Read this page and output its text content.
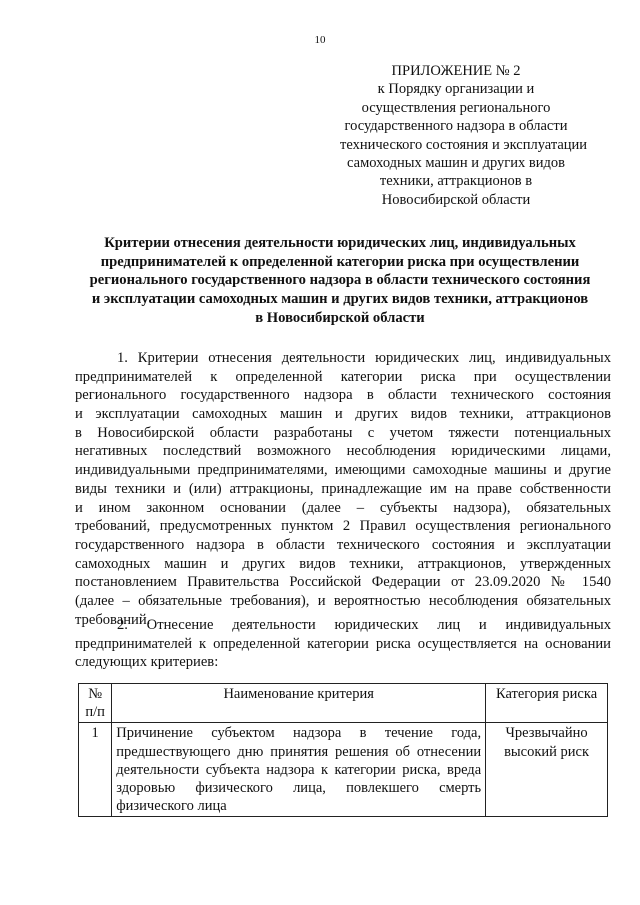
10
ПРИЛОЖЕНИЕ № 2
к Порядку организации и
осуществления регионального
государственного надзора в области
технического состояния и эксплуатации
самоходных машин и других видов
техники, аттракционов в
Новосибирской области
Критерии отнесения деятельности юридических лиц, индивидуальных
предпринимателей к определенной категории риска при осуществлении
регионального государственного надзора в области технического состояния
и эксплуатации самоходных машин и других видов техники, аттракционов
в Новосибирской области
1. Критерии отнесения деятельности юридических лиц, индивидуальных
предпринимателей к определенной категории риска при осуществлении
регионального государственного надзора в области технического состояния
и эксплуатации самоходных машин и других видов техники, аттракционов
в Новосибирской области разработаны с учетом тяжести потенциальных
негативных последствий возможного несоблюдения юридическими лицами,
индивидуальными предпринимателями, имеющими самоходные машины и другие
виды техники и (или) аттракционы, принадлежащие им на праве собственности
и ином законном основании (далее – субъекты надзора), обязательных
требований, предусмотренных пунктом 2 Правил осуществления регионального
государственного надзора в области технического состояния и эксплуатации
самоходных машин и других видов техники, аттракционов, утвержденных
постановлением Правительства Российской Федерации от 23.09.2020 № 1540
(далее – обязательные требования), и вероятностью несоблюдения обязательных
требований.
2. Отнесение деятельности юридических лиц и индивидуальных
предпринимателей к определенной категории риска осуществляется на основании
следующих критериев:
№ п/п	Наименование критерия	Категория риска
1	Причинение субъектом надзора в течение года,
предшествующего дню принятия решения об отнесении
деятельности субъекта надзора к категории риска, вреда
здоровью физического лица, повлекшего смерть
физического лица	Чрезвычайно высокий риск
